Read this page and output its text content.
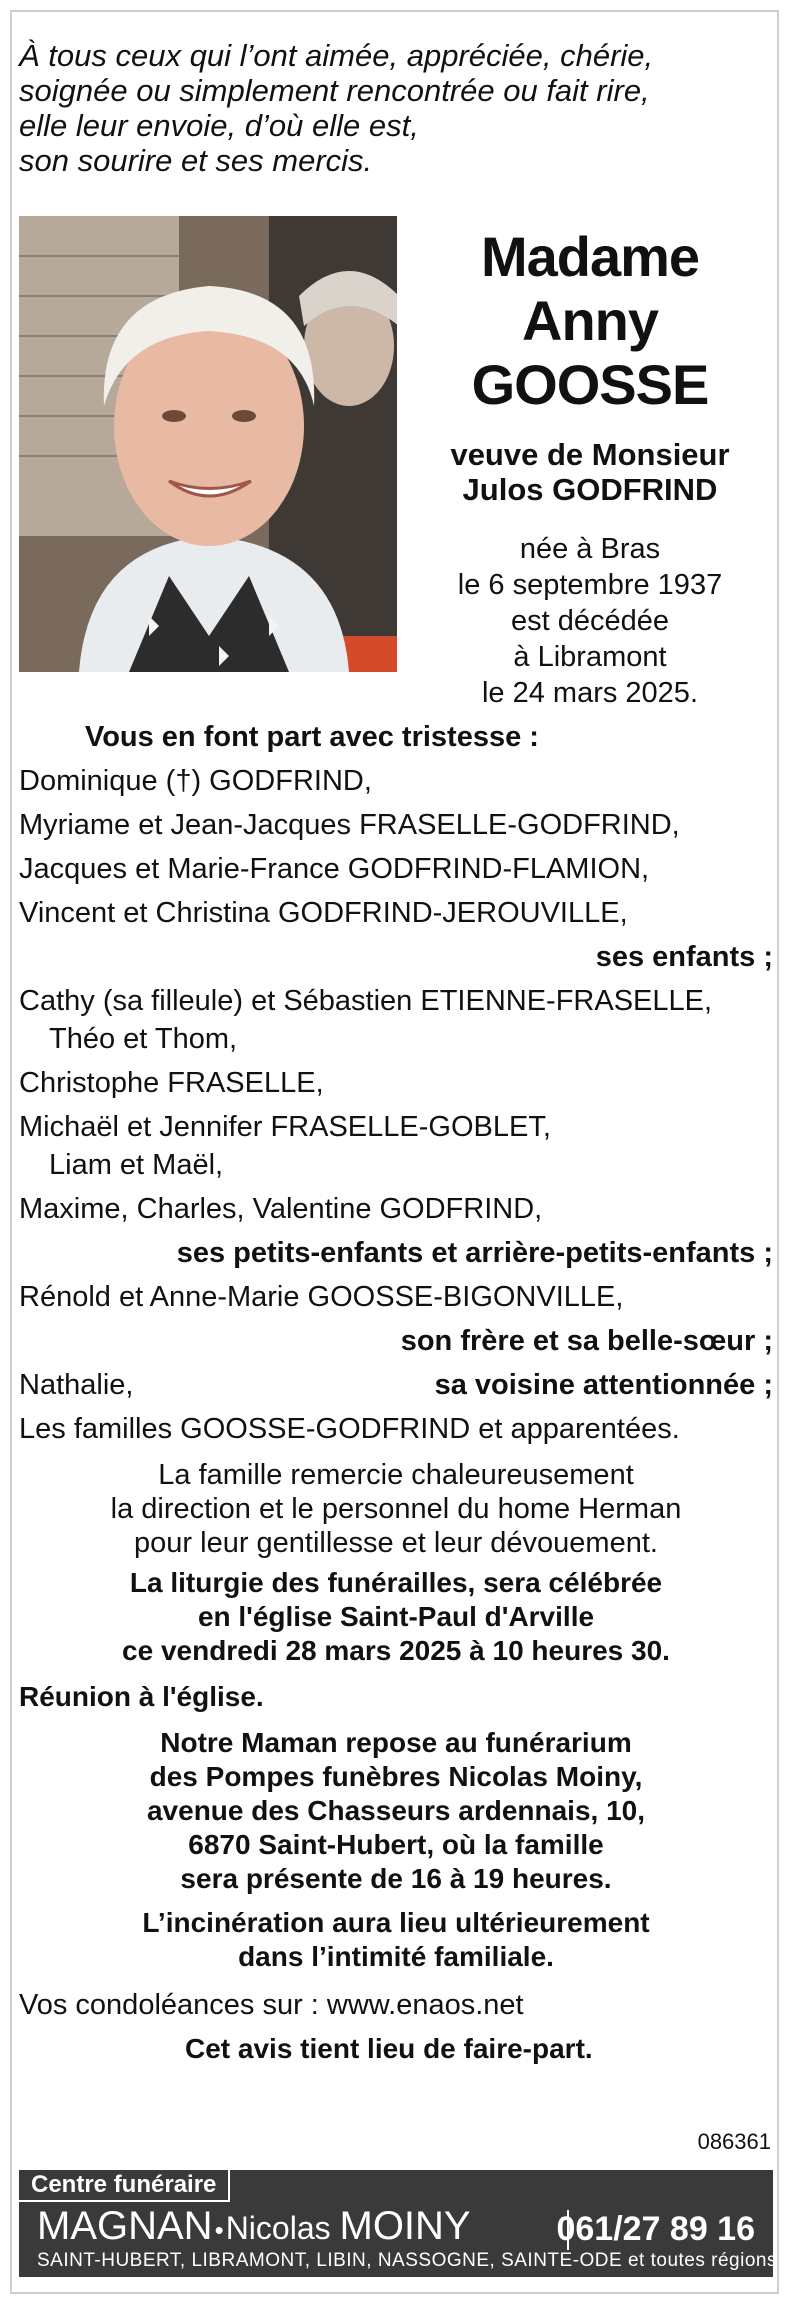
À tous ceux qui l’ont aimée, appréciée, chérie,
soignée ou simplement rencontrée ou fait rire,
elle leur envoie, d’où elle est,
son sourire et ses mercis.
Madame
Anny GOOSSE
veuve de Monsieur
Julos GODFRIND
née à Bras
le 6 septembre 1937
est décédée
à Libramont
le 24 mars 2025.
Vous en font part avec tristesse :
Dominique (†) GODFRIND,
Myriame et Jean-Jacques FRASELLE-GODFRIND,
Jacques et Marie-France GODFRIND-FLAMION,
Vincent et Christina GODFRIND-JEROUVILLE,
ses enfants ;
Cathy (sa filleule) et Sébastien ETIENNE-FRASELLE,
Théo et Thom,
Christophe FRASELLE,
Michaël et Jennifer FRASELLE-GOBLET,
Liam et Maël,
Maxime, Charles, Valentine GODFRIND,
ses petits-enfants et arrière-petits-enfants ;
Rénold et Anne-Marie GOOSSE-BIGONVILLE,
son frère et sa belle-sœur ;
Nathalie,	sa voisine attentionnée ;
Les familles GOOSSE-GODFRIND et apparentées.
La famille remercie chaleureusement
la direction et le personnel du home Herman
pour leur gentillesse et leur dévouement.
La liturgie des funérailles, sera célébrée
en l'église Saint-Paul d'Arville
ce vendredi 28 mars 2025 à 10 heures 30.
Réunion à l'église.
Notre Maman repose au funérarium
des Pompes funèbres Nicolas Moiny,
avenue des Chasseurs ardennais, 10,
6870 Saint-Hubert, où la famille
sera présente de 16 à 19 heures.
L’incinération aura lieu ultérieurement
dans l’intimité familiale.
Vos condoléances sur : www.enaos.net
Cet avis tient lieu de faire-part.
086361
Centre funéraire
MAGNAN•Nicolas MOINY	061/27 89 16
SAINT-HUBERT, LIBRAMONT, LIBIN, NASSOGNE, SAINTE-ODE et toutes régions
